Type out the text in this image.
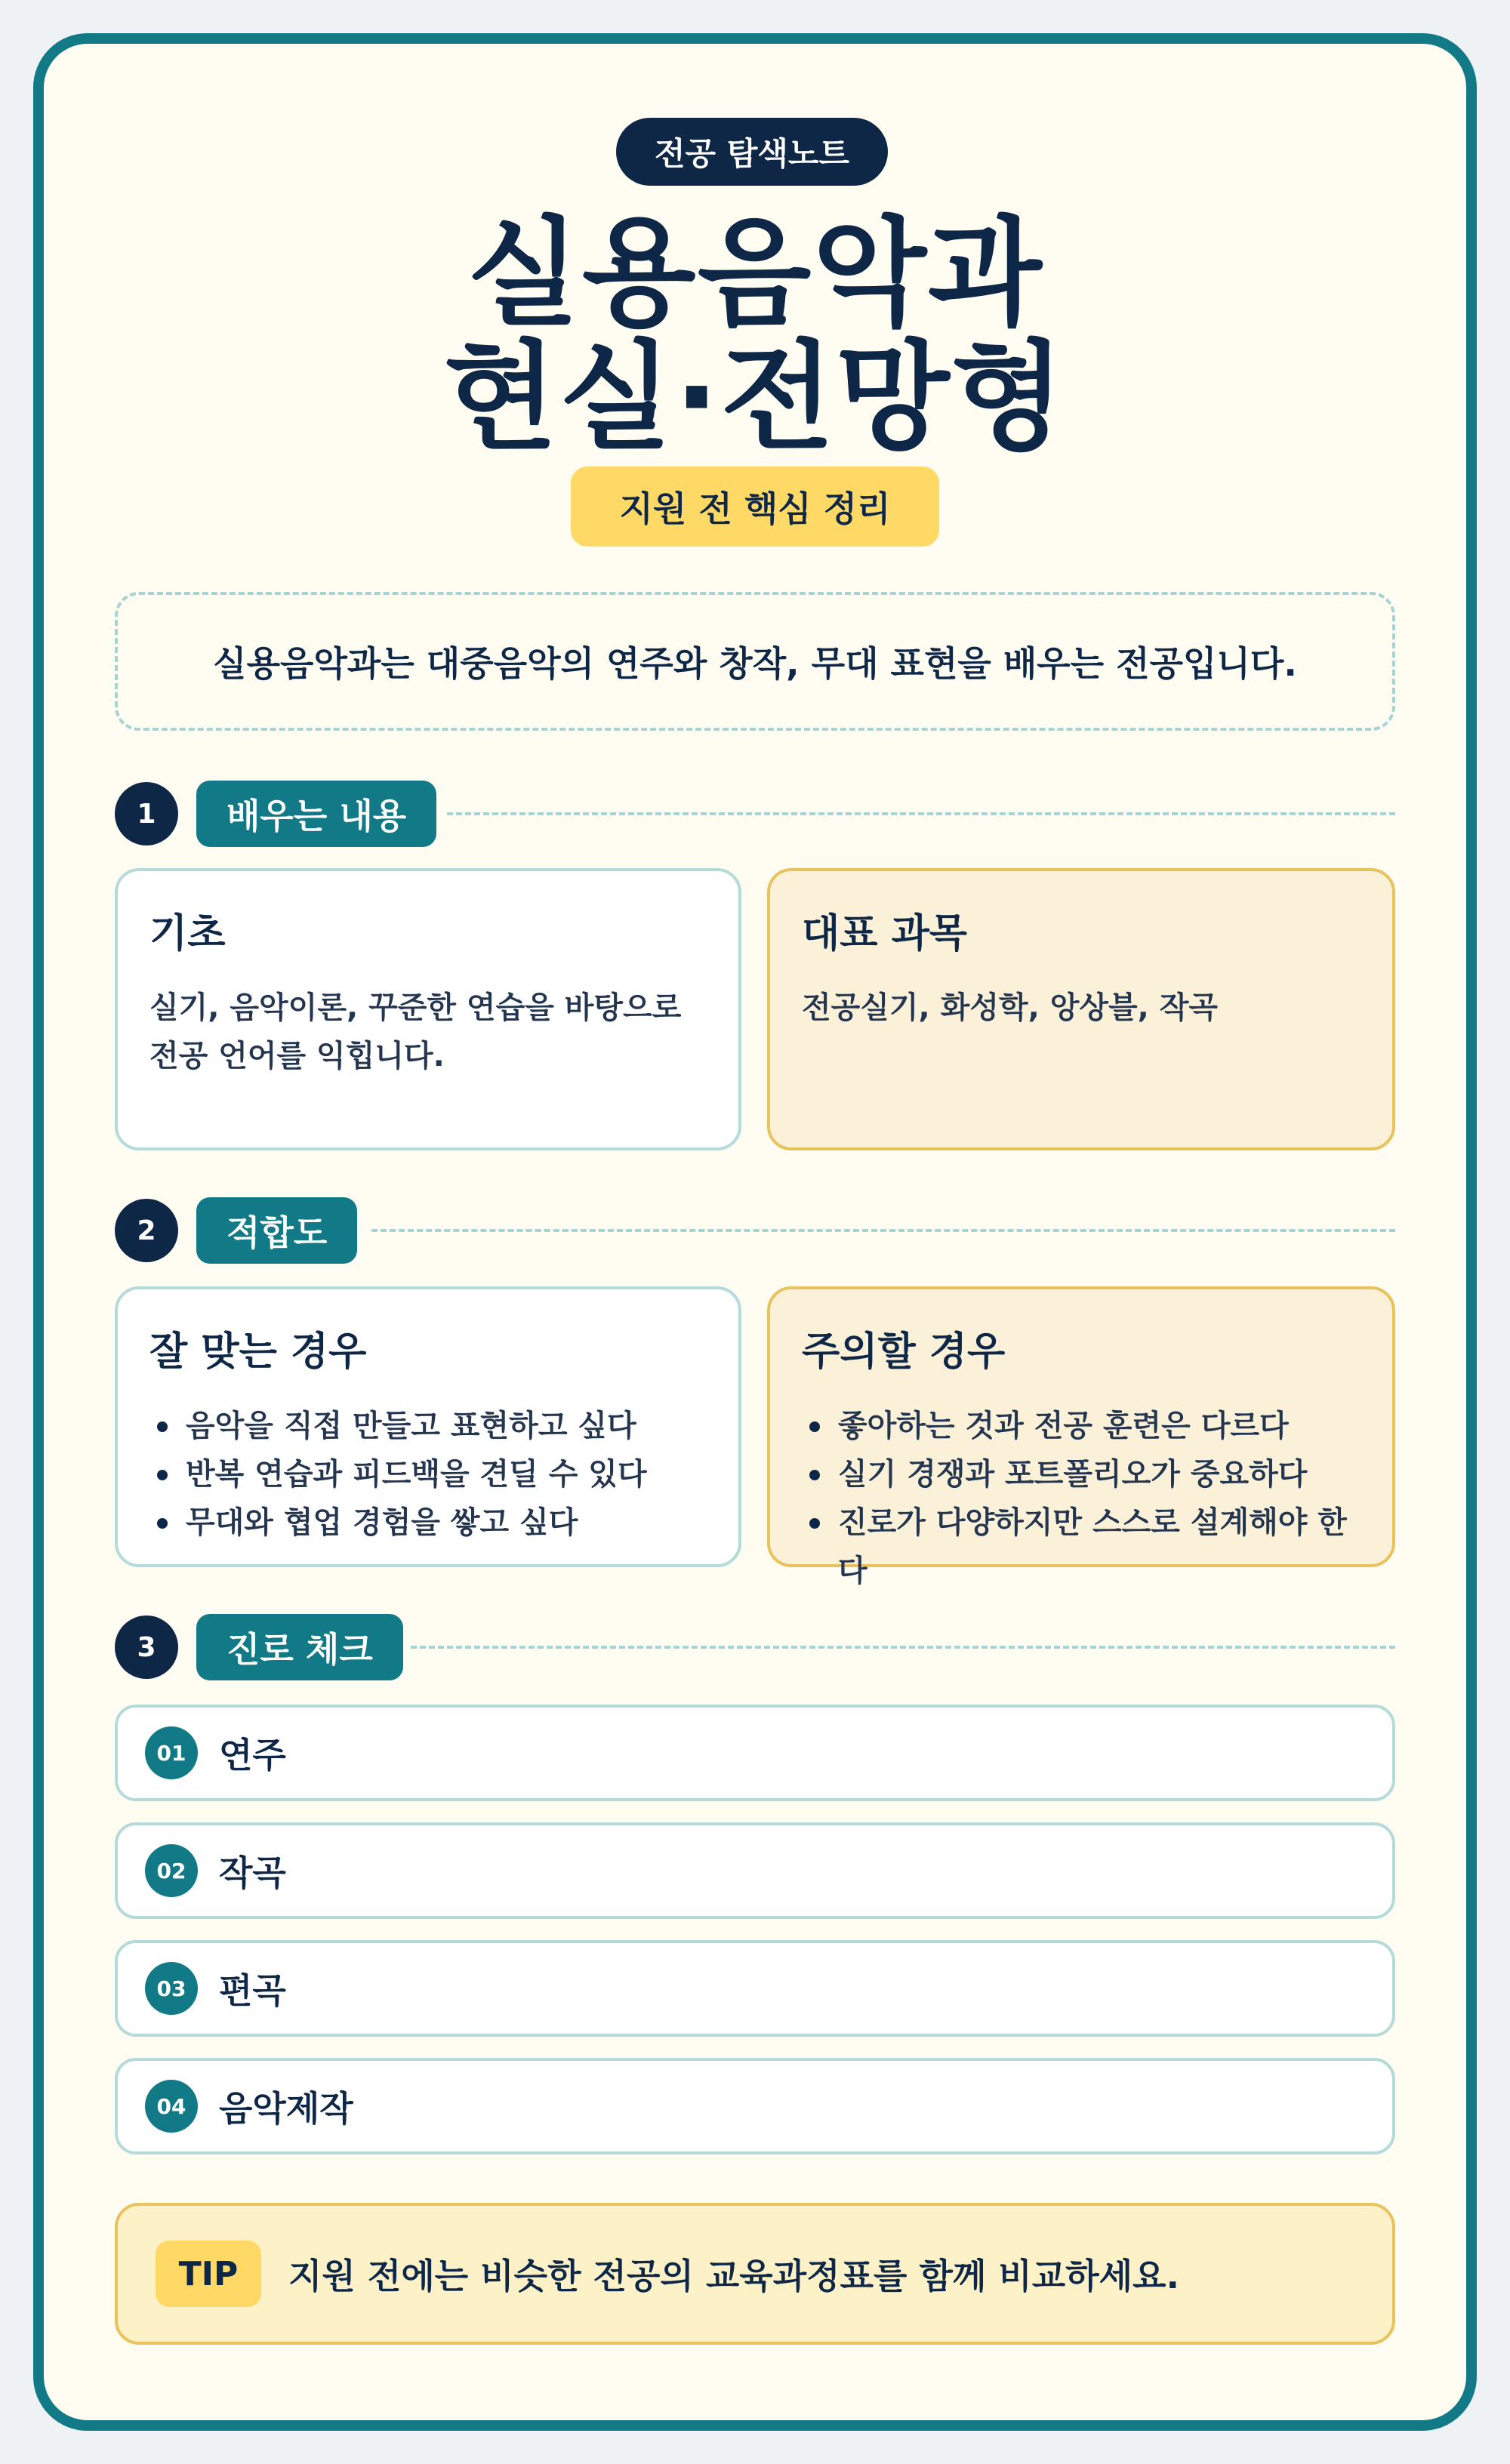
전공 탐색노트
실용음악과
현실·전망형
지원 전 핵심 정리
실용음악과는 대중음악의 연주와 창작, 무대 표현을 배우는 전공입니다.
1	배우는 내용
기초

실기, 음악이론, 꾸준한 연습을 바탕으로 전공 언어를 익힙니다.

대표 과목

전공실기, 화성학, 앙상블, 작곡

2	적합도
잘 맞는 경우
음악을 직접 만들고 표현하고 싶다
반복 연습과 피드백을 견딜 수 있다
무대와 협업 경험을 쌓고 싶다
주의할 경우
좋아하는 것과 전공 훈련은 다르다
실기 경쟁과 포트폴리오가 중요하다
진로가 다양하지만 스스로 설계해야 한다
3	진로 체크
01 연주
02 작곡
03 편곡
04 음악제작
TIP	지원 전에는 비슷한 전공의 교육과정표를 함께 비교하세요.
